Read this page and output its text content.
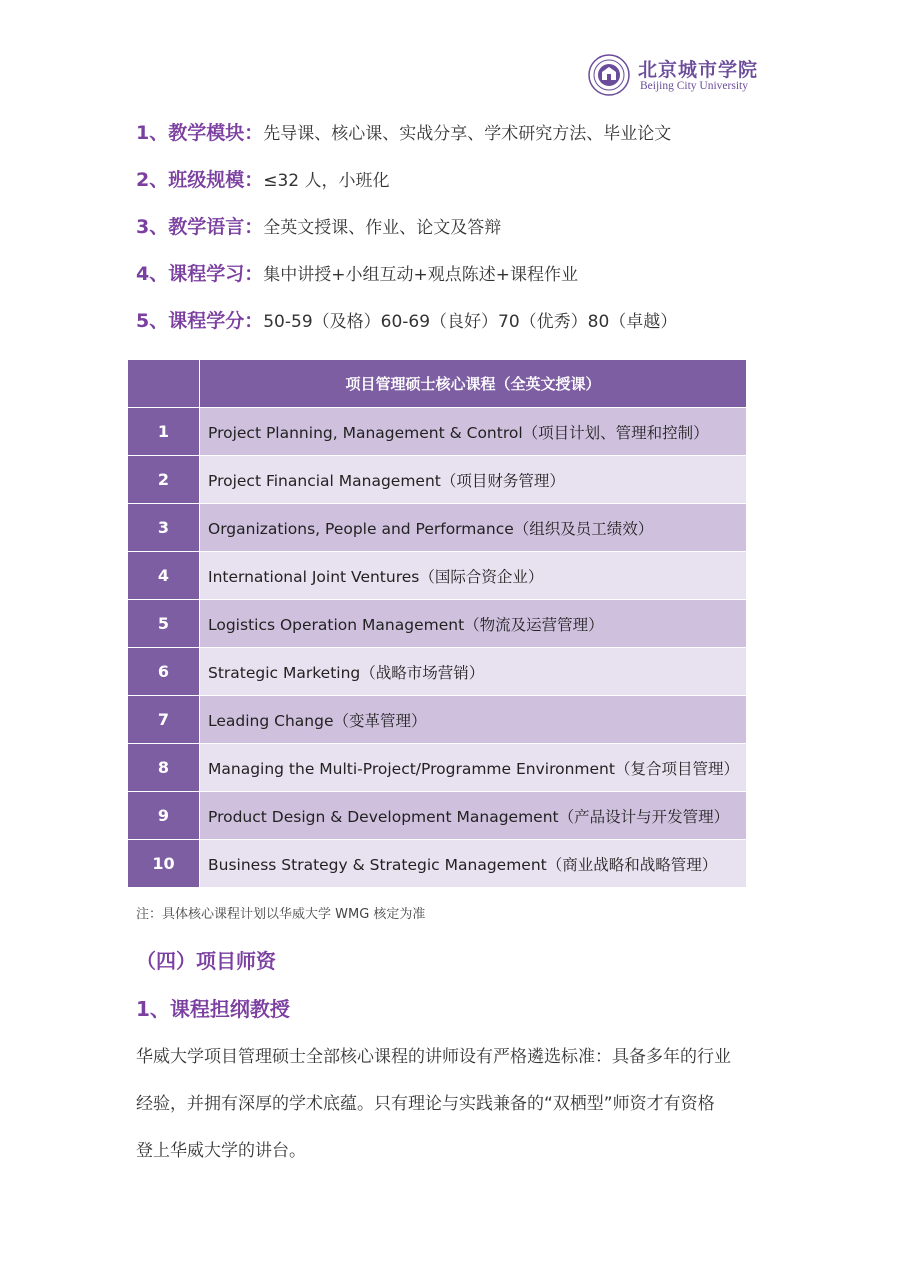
北京城市学院
Beijing City University
1、教学模块：先导课、核心课、实战分享、学术研究方法、毕业论文
2、班级规模：≤32 人，小班化
3、教学语言：全英文授课、作业、论文及答辩
4、课程学习：集中讲授+小组互动+观点陈述+课程作业
5、课程学分：50-59（及格）60-69（良好）70（优秀）80（卓越）
	项目管理硕士核心课程（全英文授课）
1	Project Planning, Management & Control（项目计划、管理和控制）
2	Project Financial Management（项目财务管理）
3	Organizations, People and Performance（组织及员工绩效）
4	International Joint Ventures（国际合资企业）
5	Logistics Operation Management（物流及运营管理）
6	Strategic Marketing（战略市场营销）
7	Leading Change（变革管理）
8	Managing the Multi-Project/Programme Environment（复合项目管理）
9	Product Design & Development Management（产品设计与开发管理）
10	Business Strategy & Strategic Management（商业战略和战略管理）
注：具体核心课程计划以华威大学 WMG 核定为准
（四）项目师资
1、课程担纲教授
华威大学项目管理硕士全部核心课程的讲师设有严格遴选标准：具备多年的行业
经验，并拥有深厚的学术底蕴。只有理论与实践兼备的“双栖型”师资才有资格
登上华威大学的讲台。
